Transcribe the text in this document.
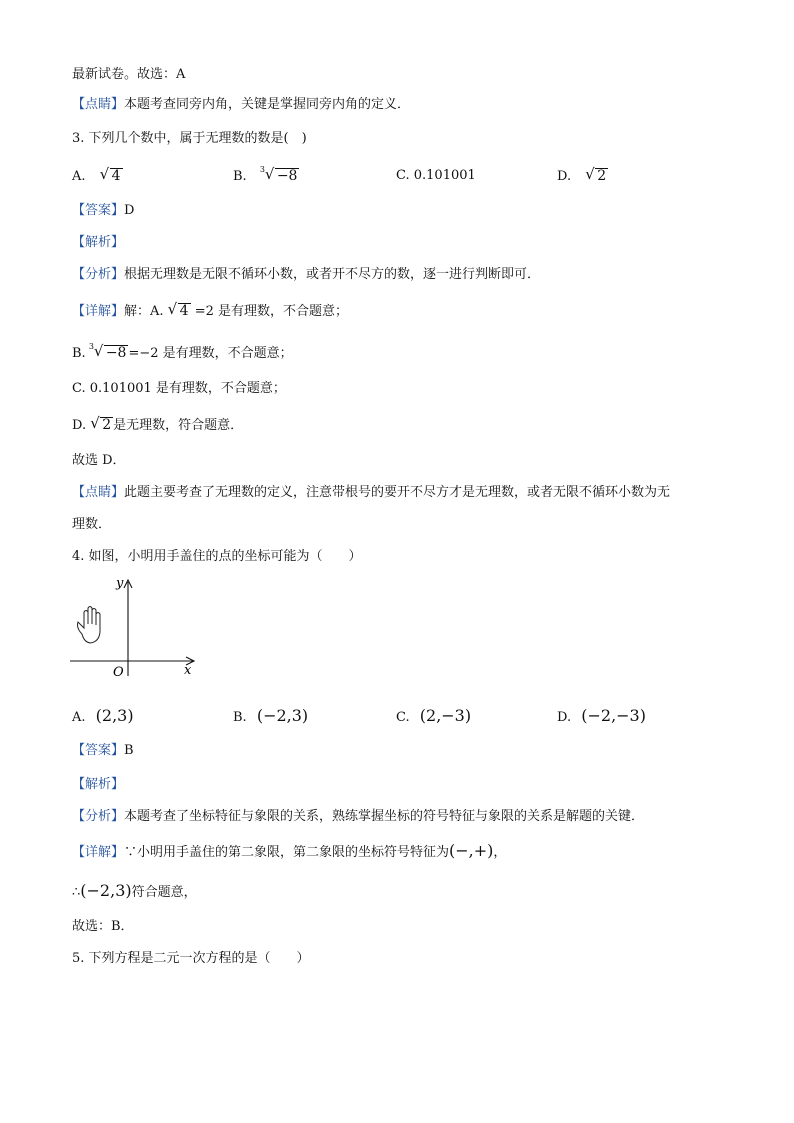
最新试卷。故选：A
【点睛】本题考查同旁内角，关键是掌握同旁内角的定义．
3. 下列几个数中，属于无理数的数是(　)
A. √ 4	B. 3 √ −8	C. 0.101001	D. √ 2
【答案】D
【解析】
【分析】根据无理数是无限不循环小数，或者开不尽方的数，逐一进行判断即可．
【详解】解：A. √ 4 =2 是有理数，不合题意；
B. 3 √ −8 =−2 是有理数，不合题意；
C. 0.101001 是有理数，不合题意；
D. √ 2 是无理数，符合题意．
故选 D．
【点睛】此题主要考查了无理数的定义，注意带根号的要开不尽方才是无理数，或者无限不循环小数为无
理数．
4. 如图，小明用手盖住的点的坐标可能为（　　）
y
x
O
A. (2,3)	B. (−2,3)	C. (2,−3)	D. (−2,−3)
【答案】B
【解析】
【分析】本题考查了坐标特征与象限的关系，熟练掌握坐标的符号特征与象限的关系是解题的关键．
【详解】∵小明用手盖住的第二象限，第二象限的坐标符号特征为(−,+)，
∴(−2,3)符合题意，
故选：B．
5. 下列方程是二元一次方程的是（　　）
